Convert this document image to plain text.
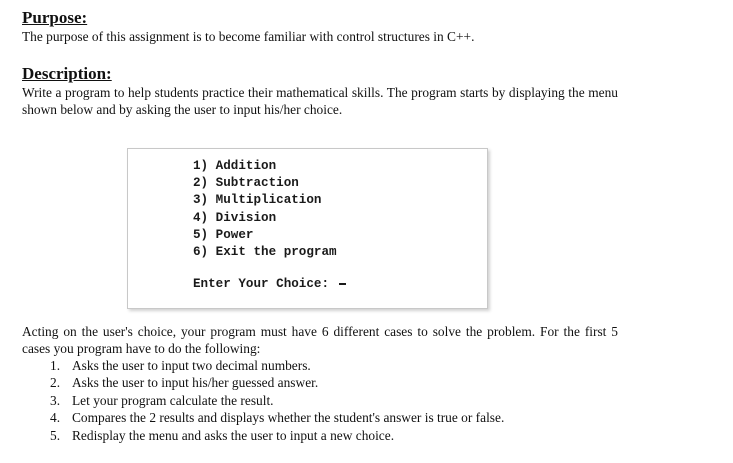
Purpose:

The purpose of this assignment is to become familiar with control structures in C++.

Description:

Write a program to help students practice their mathematical skills. The program starts by displaying the menu shown below and by asking the user to input his/her choice.

1) Addition
2) Subtraction
3) Multiplication
4) Division
5) Power
6) Exit the program
Enter Your Choice:

Acting on the user's choice, your program must have 6 different cases to solve the problem. For the first 5 cases you program have to do the following:

1. Asks the user to input two decimal numbers.
2. Asks the user to input his/her guessed answer.
3. Let your program calculate the result.
4. Compares the 2 results and displays whether the student's answer is true or false.
5. Redisplay the menu and asks the user to input a new choice.
